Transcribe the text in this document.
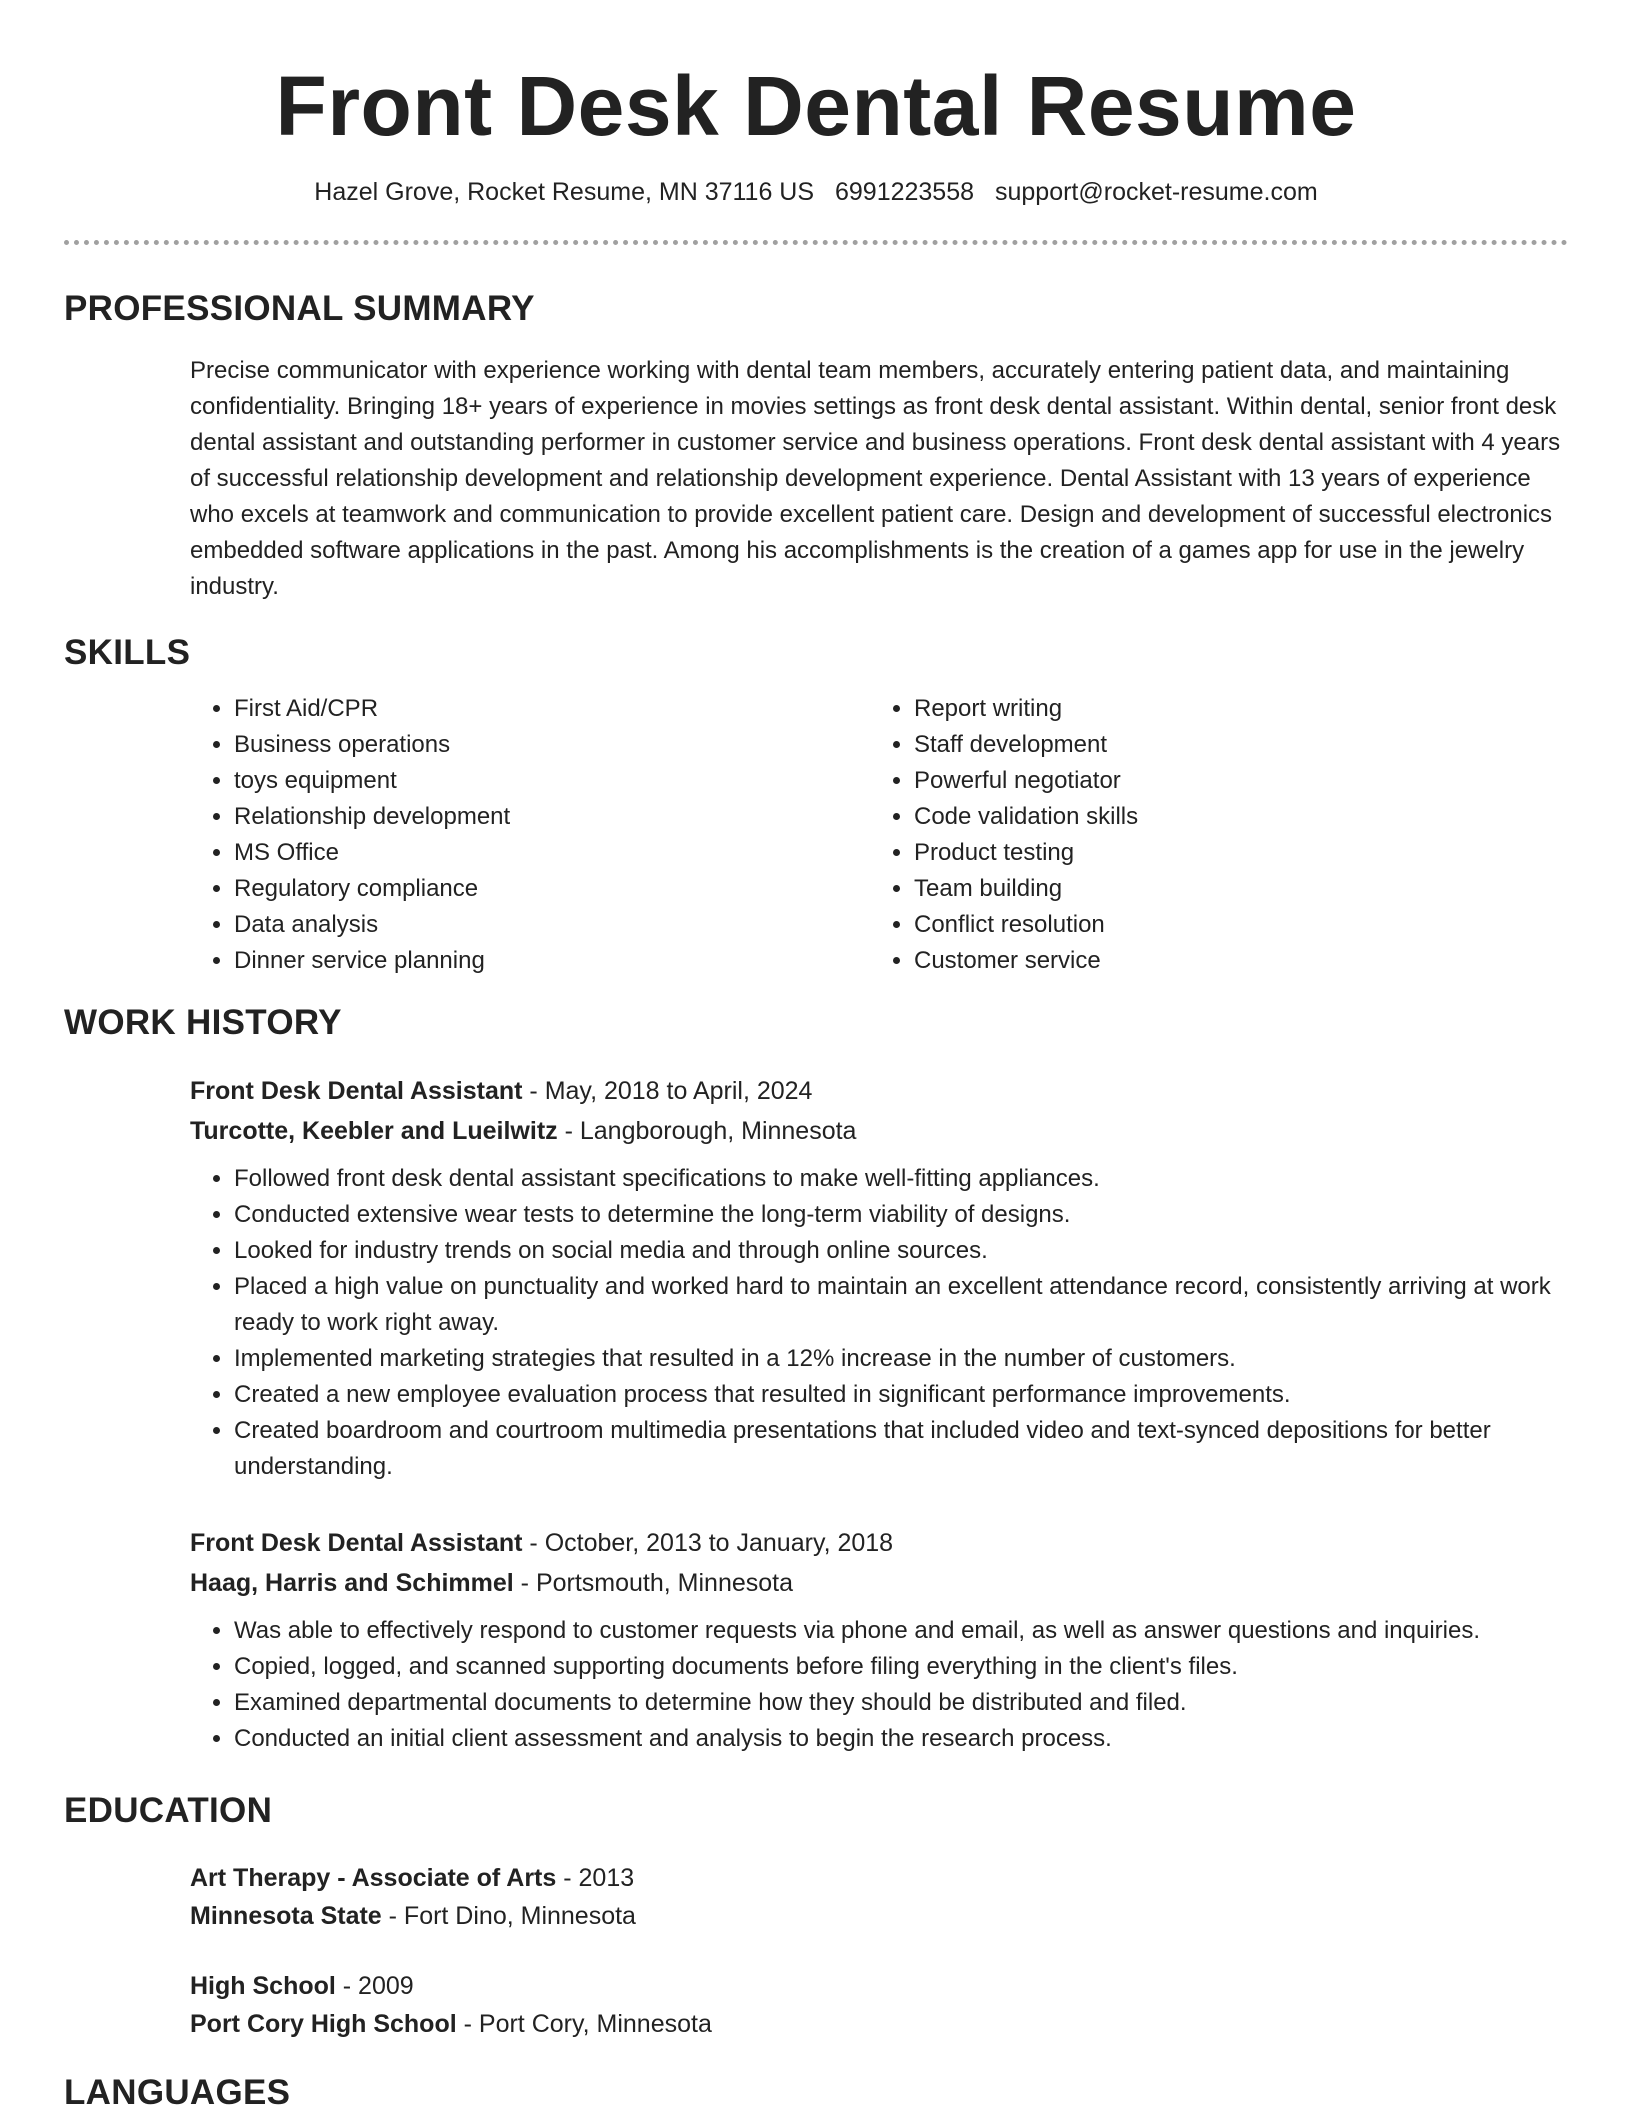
Front Desk Dental Resume
Hazel Grove, Rocket Resume, MN 37116 US 6991223558 support@rocket-resume.com
PROFESSIONAL SUMMARY

Precise communicator with experience working with dental team members, accurately entering patient data, and maintaining confidentiality. Bringing 18+ years of experience in movies settings as front desk dental assistant. Within dental, senior front desk dental assistant and outstanding performer in customer service and business operations. Front desk dental assistant with 4 years of successful relationship development and relationship development experience. Dental Assistant with 13 years of experience who excels at teamwork and communication to provide excellent patient care. Design and development of successful electronics embedded software applications in the past. Among his accomplishments is the creation of a games app for use in the jewelry industry.

SKILLS
• First Aid/CPR
• Business operations
• toys equipment
• Relationship development
• MS Office
• Regulatory compliance
• Data analysis
• Dinner service planning
• Report writing
• Staff development
• Powerful negotiator
• Code validation skills
• Product testing
• Team building
• Conflict resolution
• Customer service
WORK HISTORY
Front Desk Dental Assistant - May, 2018 to April, 2024
Turcotte, Keebler and Lueilwitz - Langborough, Minnesota
• Followed front desk dental assistant specifications to make well-fitting appliances.
• Conducted extensive wear tests to determine the long-term viability of designs.
• Looked for industry trends on social media and through online sources.
• Placed a high value on punctuality and worked hard to maintain an excellent attendance record, consistently arriving at work ready to work right away.
• Implemented marketing strategies that resulted in a 12% increase in the number of customers.
• Created a new employee evaluation process that resulted in significant performance improvements.
• Created boardroom and courtroom multimedia presentations that included video and text-synced depositions for better understanding.
Front Desk Dental Assistant - October, 2013 to January, 2018
Haag, Harris and Schimmel - Portsmouth, Minnesota
• Was able to effectively respond to customer requests via phone and email, as well as answer questions and inquiries.
• Copied, logged, and scanned supporting documents before filing everything in the client's files.
• Examined departmental documents to determine how they should be distributed and filed.
• Conducted an initial client assessment and analysis to begin the research process.
EDUCATION
Art Therapy - Associate of Arts - 2013
Minnesota State - Fort Dino, Minnesota
High School - 2009
Port Cory High School - Port Cory, Minnesota
LANGUAGES
